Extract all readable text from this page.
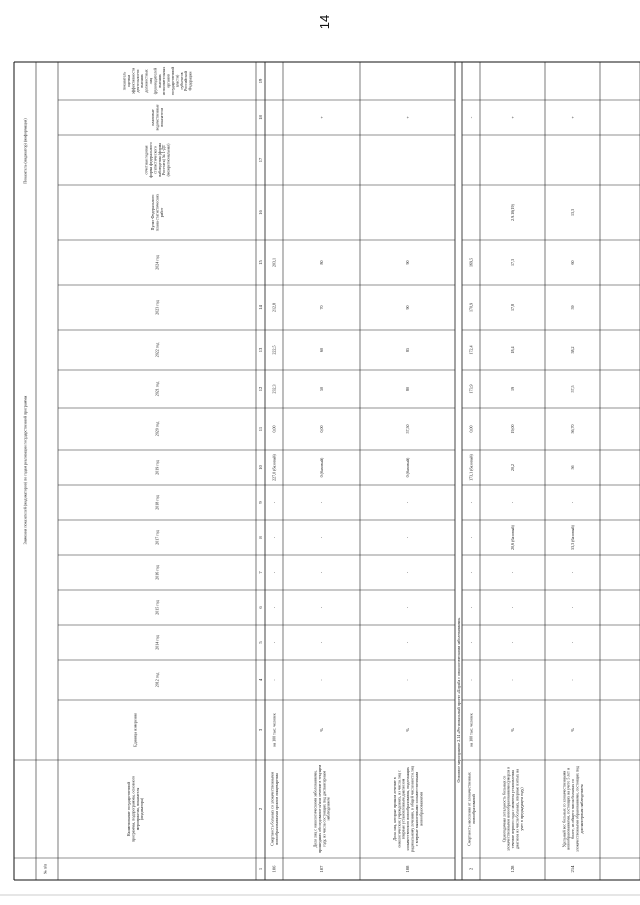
14
№ п/п
Наименование государственной программы, подпрограммы, основного мероприятия, показателя (индикатора)
Единица измерения
Значения показателей (индикаторов) по годам реализации государственной программы
Показатель (индикатор) (информация)
2012 год
2014 год
2015 год
2016 год
2017 год
2018 год
2019 год
2020 год
2021 год
2022 год
2023 год
2024 год
Пункт Федерального плана статистических работ
отчетная годовая форма федерального статистического наблюдения (форма Росстата) № 1-ДТ (межрегиональная)
плановые ведомственные показатели
показатель оценки эффективности деятельности высших должностных лиц (руководителей высших исполнительных органов государственной власти) субъектов Российской Федерации
1
2
3
4
5
6
7
8
9
10
11
12
13
14
15
16
17
18
19
106
Смертность больных со злокачественными новообразованиями органов пищеварения
на 100 тыс. человек
-
-
-
-
-
-
227,0 (базовый)
0,00
232,3
222,5
212,8
203,1
107
Доля лиц с онкологическими заболеваниями, прошедших обследование и/или лечение в текущем году, из числа состоящих под диспансерным наблюдением
%
-
-
-
-
-
-
0 (базовый)
0,00
50
60
70
80
+
108
Доля лиц, которые прошли лечение в онкологических учреждениях, из числа лиц с впервые установленным диагнозом злокачественного новообразования, подлежащих радикальному лечению, в общей численности лиц с впервые выявленными злокачественными новообразованиями
%
-
-
-
-
-
-
0 (базовый)
57,50
80
85
90
90
+
Основное мероприятие 2.14 «Региональный проект «Борьба с онкологическими заболеваниями»
2
Смертность населения от злокачественных новообразований
на 100 тыс. человек
-
-
-
-
-
-
173,1 (базовый)
0,00
173,9
172,4
170,9
169,5
-
128
Одногодичная летальность больных со злокачественными новообразованиями (умерли в течение первого года с момента установления диагноза из числа больных, впервые взятых на учет в предыдущем году)
%
-
-
-
-
20,6 (базовый)
-
20,2
19,00
19
18,4
17,8
17,3
2.9.10(19)
+
214
Удельный вес больных со злокачественными новообразованиями, состоящих на учете 5 лет и более, из общего числа больных со злокачественными образованиями, состоящих под диспансерным наблюдением
%
-
-
-
-
53,3 (базовый)
-
56
56,70
57,5
58,2
59
60
13,3
+
